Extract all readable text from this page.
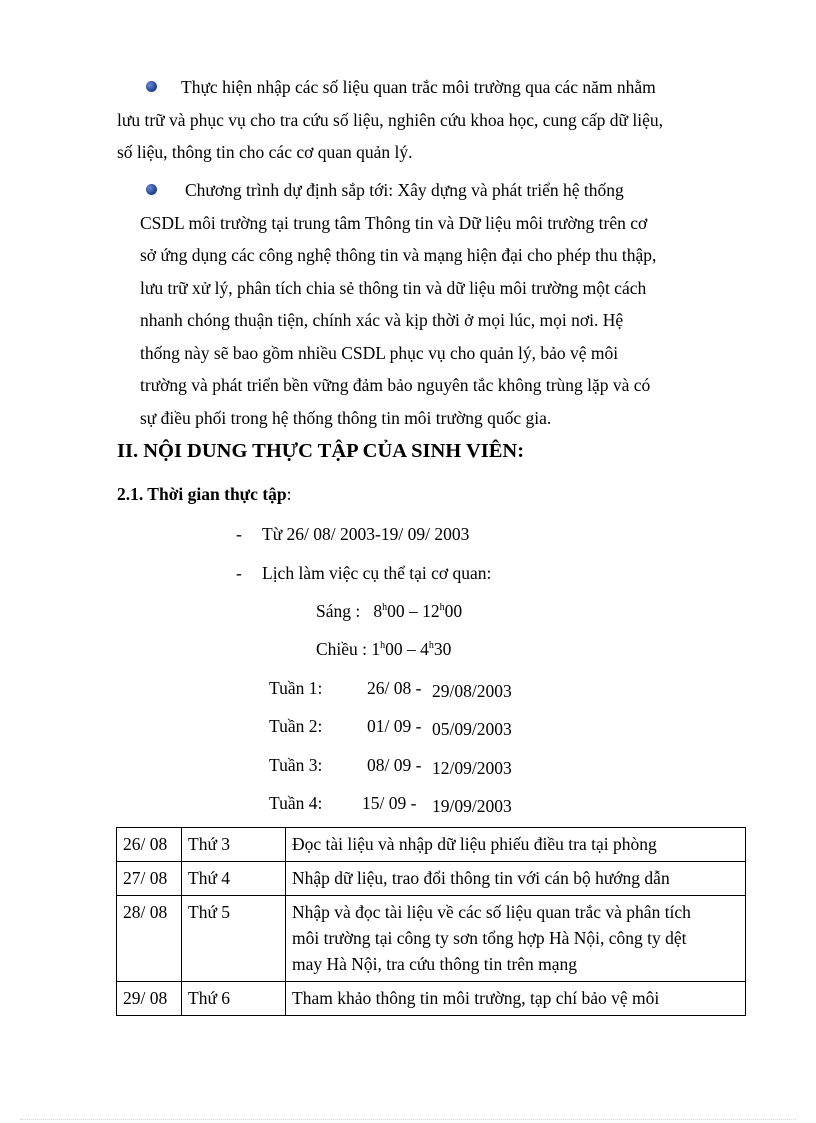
Thực hiện nhập các số liệu quan trắc môi trường qua các năm nhằm
lưu trữ và phục vụ cho tra cứu số liệu, nghiên cứu khoa học, cung cấp dữ liệu,
số liệu, thông tin cho các cơ quan quản lý.
Chương trình dự định sắp tới: Xây dựng và phát triển hệ thống
CSDL môi trường tại trung tâm Thông tin và Dữ liệu môi trường trên cơ
sở ứng dụng các công nghệ thông tin và mạng hiện đại cho phép thu thập,
lưu trữ xử lý, phân tích chia sẻ thông tin và dữ liệu môi trường một cách
nhanh chóng thuận tiện, chính xác và kịp thời ở mọi lúc, mọi nơi. Hệ
thống này sẽ bao gồm nhiều CSDL phục vụ cho quản lý, bảo vệ môi
trường và phát triển bền vững đảm bảo nguyên tắc không trùng lặp và có
sự điều phối trong hệ thống thông tin môi trường quốc gia.
II. NỘI DUNG THỰC TẬP CỦA SINH VIÊN:
2.1. Thời gian thực tập:
- Từ 26/ 08/ 2003-19/ 09/ 2003
- Lịch làm việc cụ thể tại cơ quan:
Sáng : 8$^h$00 – 12$^h$00
Chiều : 1$^h$00 – 4$^h$30
Tuần 1:	26/ 08 - 29/08/2003
Tuần 2:	01/ 09 - 05/09/2003
Tuần 3:	08/ 09 - 12/09/2003
Tuần 4: 15/ 09 - 19/09/2003
26/ 08	Thứ 3	Đọc tài liệu và nhập dữ liệu phiếu điều tra tại phòng
27/ 08	Thứ 4	Nhập dữ liệu, trao đổi thông tin với cán bộ hướng dẫn
28/ 08	Thứ 5	Nhập và đọc tài liệu về các số liệu quan trắc và phân tích
môi trường tại công ty sơn tổng hợp Hà Nội, công ty dệt
may Hà Nội, tra cứu thông tin trên mạng

29/ 08	Thứ 6	Tham khảo thông tin môi trường, tạp chí bảo vệ môi
